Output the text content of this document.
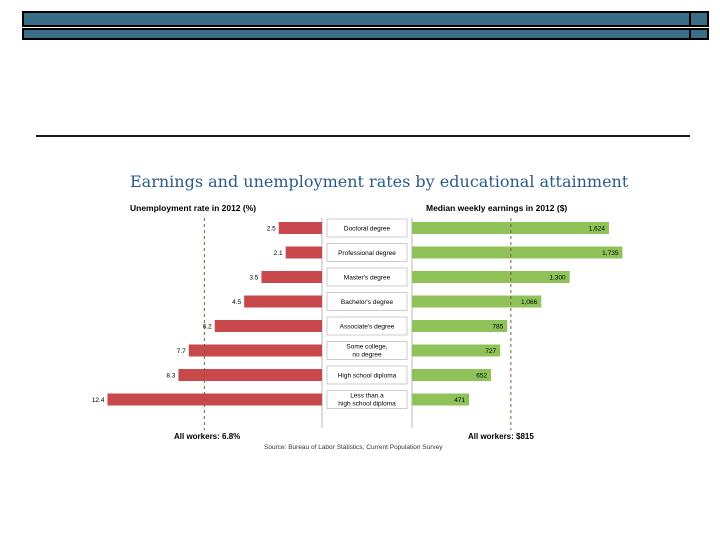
Earnings and unemployment rates by educational attainment
Unemployment rate in 2012 (%)	Median weekly earnings in 2012 ($)
Doctoral degree
2.5	1,624
Professional degree
2.1	1,735
Master's degree
3.5	1,300
Bachelor's degree
4.5	1,066
Associate's degree
6.2	785
Some college,
no degree
7.7	727
High school diploma
8.3	652
Less than a
high school diploma
12.4	471
All workers: 6.8%	All workers: $815
Source: Bureau of Labor Statistics, Current Population Survey
